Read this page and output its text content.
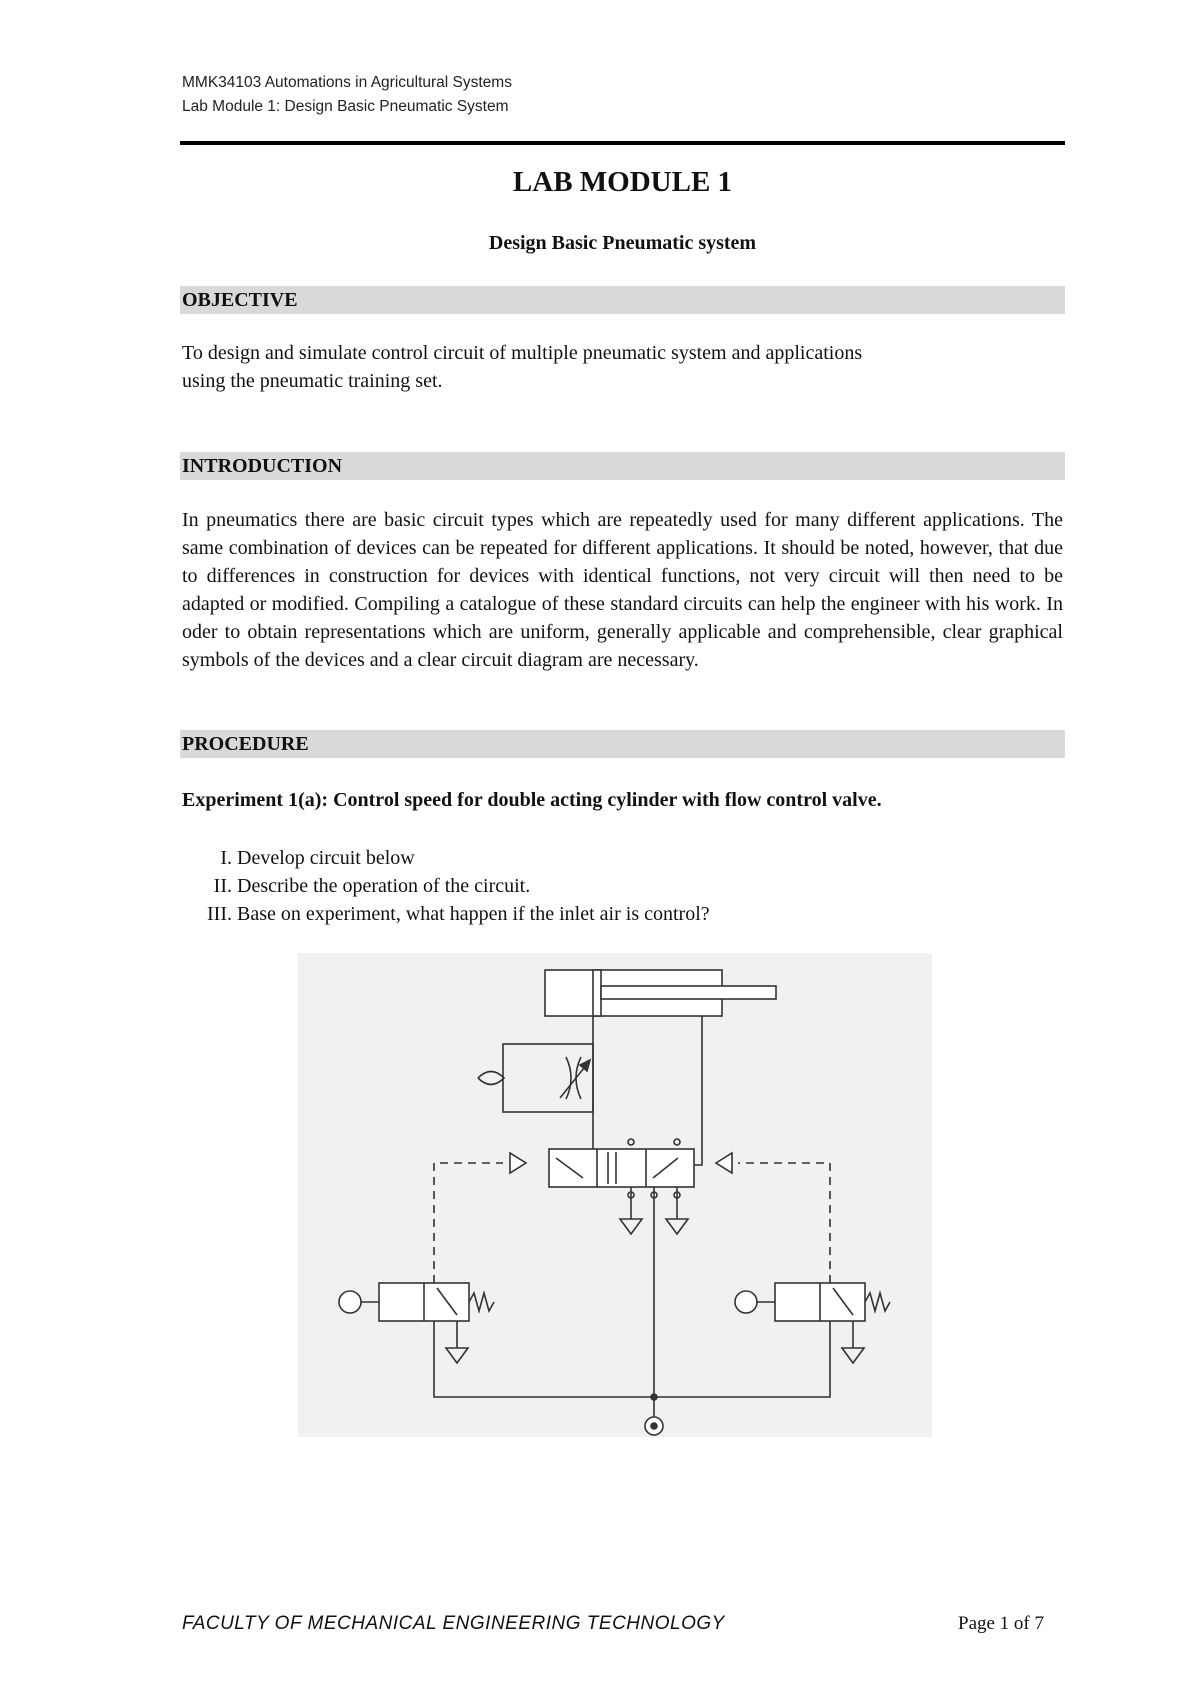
MMK34103 Automations in Agricultural Systems
Lab Module 1: Design Basic Pneumatic System
LAB MODULE 1
Design Basic Pneumatic system
OBJECTIVE
To design and simulate control circuit of multiple pneumatic system and applications
using the pneumatic training set.
INTRODUCTION
In pneumatics there are basic circuit types which are repeatedly used for many different applications. The same combination of devices can be repeated for different applications. It should be noted, however, that due to differences in construction for devices with identical functions, not very circuit will then need to be adapted or modified. Compiling a catalogue of these standard circuits can help the engineer with his work. In oder to obtain representations which are uniform, generally applicable and comprehensible, clear graphical symbols of the devices and a clear circuit diagram are necessary.
PROCEDURE
Experiment 1(a): Control speed for double acting cylinder with flow control valve.
I. Develop circuit below
II. Describe the operation of the circuit.
III. Base on experiment, what happen if the inlet air is control?
FACULTY OF MECHANICAL ENGINEERING TECHNOLOGY	Page 1 of 7
